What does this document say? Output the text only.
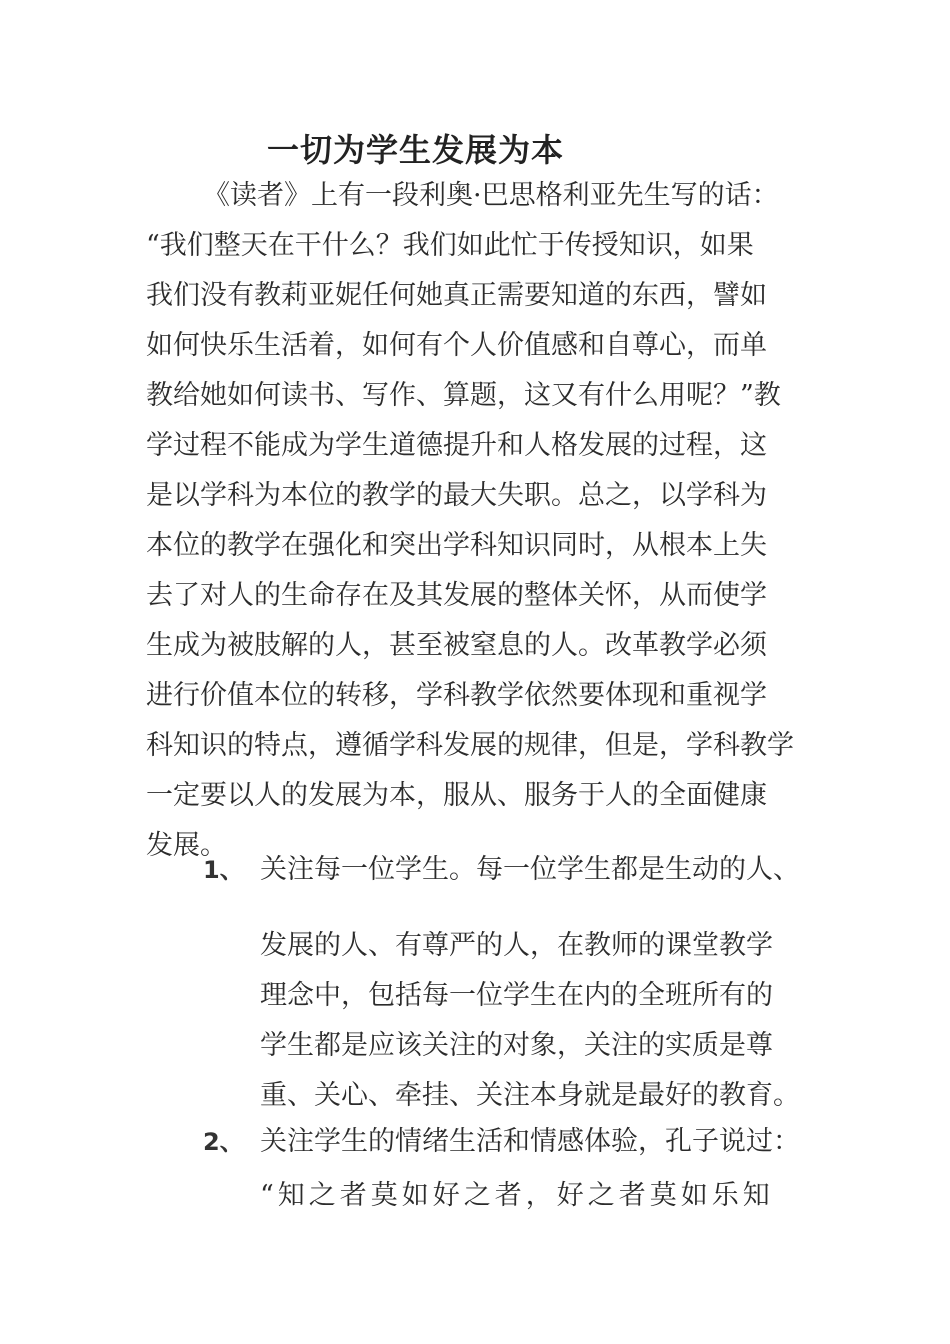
一切为学生发展为本
《读者》上有一段利奥·巴思格利亚先生写的话：
“我们整天在干什么？我们如此忙于传授知识，如果
我们没有教莉亚妮任何她真正需要知道的东西，譬如
如何快乐生活着，如何有个人价值感和自尊心，而单
教给她如何读书、写作、算题，这又有什么用呢？”教
学过程不能成为学生道德提升和人格发展的过程，这
是以学科为本位的教学的最大失职。总之，以学科为
本位的教学在强化和突出学科知识同时，从根本上失
去了对人的生命存在及其发展的整体关怀，从而使学
生成为被肢解的人，甚至被窒息的人。改革教学必须
进行价值本位的转移，学科教学依然要体现和重视学
科知识的特点，遵循学科发展的规律，但是，学科教学
一定要以人的发展为本，服从、服务于人的全面健康
发展。
1、 关注每一位学生。每一位学生都是生动的人、
发展的人、有尊严的人，在教师的课堂教学
理念中，包括每一位学生在内的全班所有的
学生都是应该关注的对象，关注的实质是尊
重、关心、牵挂、关注本身就是最好的教育。
2、 关注学生的情绪生活和情感体验，孔子说过：
“知之者莫如好之者，好之者莫如乐知
